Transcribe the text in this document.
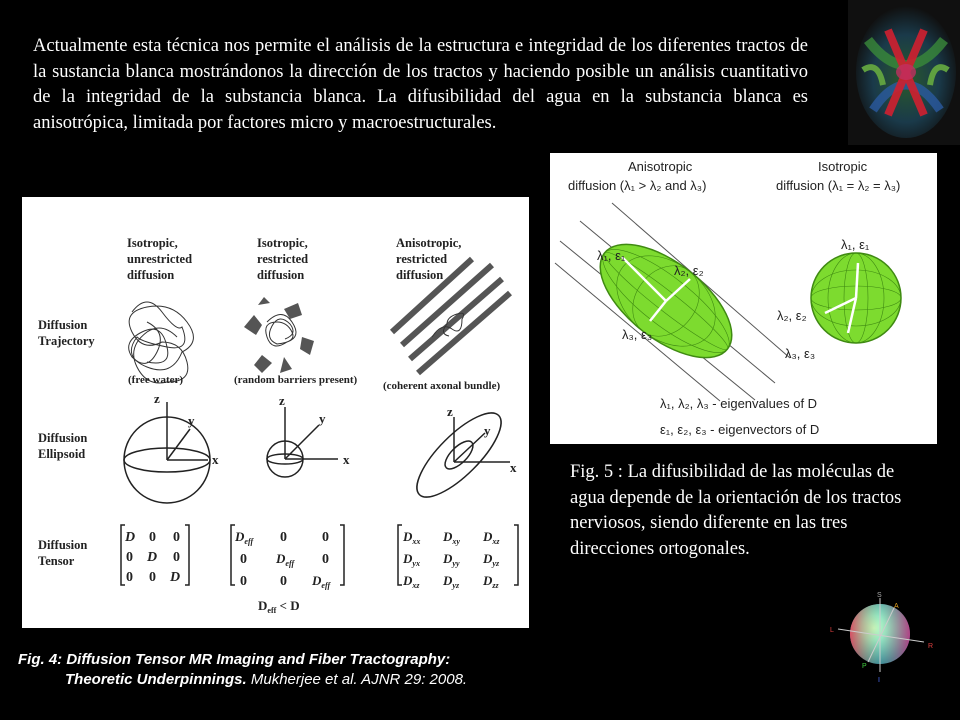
Actualmente esta técnica nos permite el análisis de la estructura e integridad de los diferentes tractos de la sustancia blanca mostrándonos la dirección de los tractos y haciendo posible un análisis cuantitativo de la integridad de la substancia blanca. La difusibilidad del agua en la substancia blanca es anisotrópica, limitada por factores micro y macroestructurales.
Isotropic, unrestricted diffusion
Isotropic, restricted diffusion
Anisotropic, restricted diffusion
Diffusion Trajectory
Diffusion Ellipsoid
Diffusion Tensor
(free water)	(random barriers present) (coherent axonal bundle)
z
y
x
z
y
x
z
y
x
D 0 0
0 D 0
0 0 D
$D_{eff}$ 0	0
0 $D_{eff}$ 0
0 0 $D_{eff}$
$D_{eff} < D$
$D_{xx}$ $D_{xy}$ $D_{xz}$
$D_{yx}$ $D_{yy}$ $D_{yz}$
$D_{xz}$ $D_{yz}$ $D_{zz}$
Anisotropic
diffusion (λ₁ > λ₂ and λ₃)
Isotropic
diffusion (λ₁ = λ₂ = λ₃)
λ₁, ε₁
λ₂, ε₂
λ₃, ε₃
λ₁, ε₁
λ₂, ε₂
λ₃, ε₃
λ₁, λ₂, λ₃ - eigenvalues of D
ε₁, ε₂, ε₃ - eigenvectors of D
Fig. 5 : La difusibilidad de las moléculas de agua depende de la orientación de los tractos nerviosos, siendo diferente en las tres direcciones ortogonales.
Fig. 4: Diffusion Tensor MR Imaging and Fiber Tractography:
Theoretic Underpinnings. Mukherjee et al. AJNR 29: 2008.
S
A
L
R
P
I
